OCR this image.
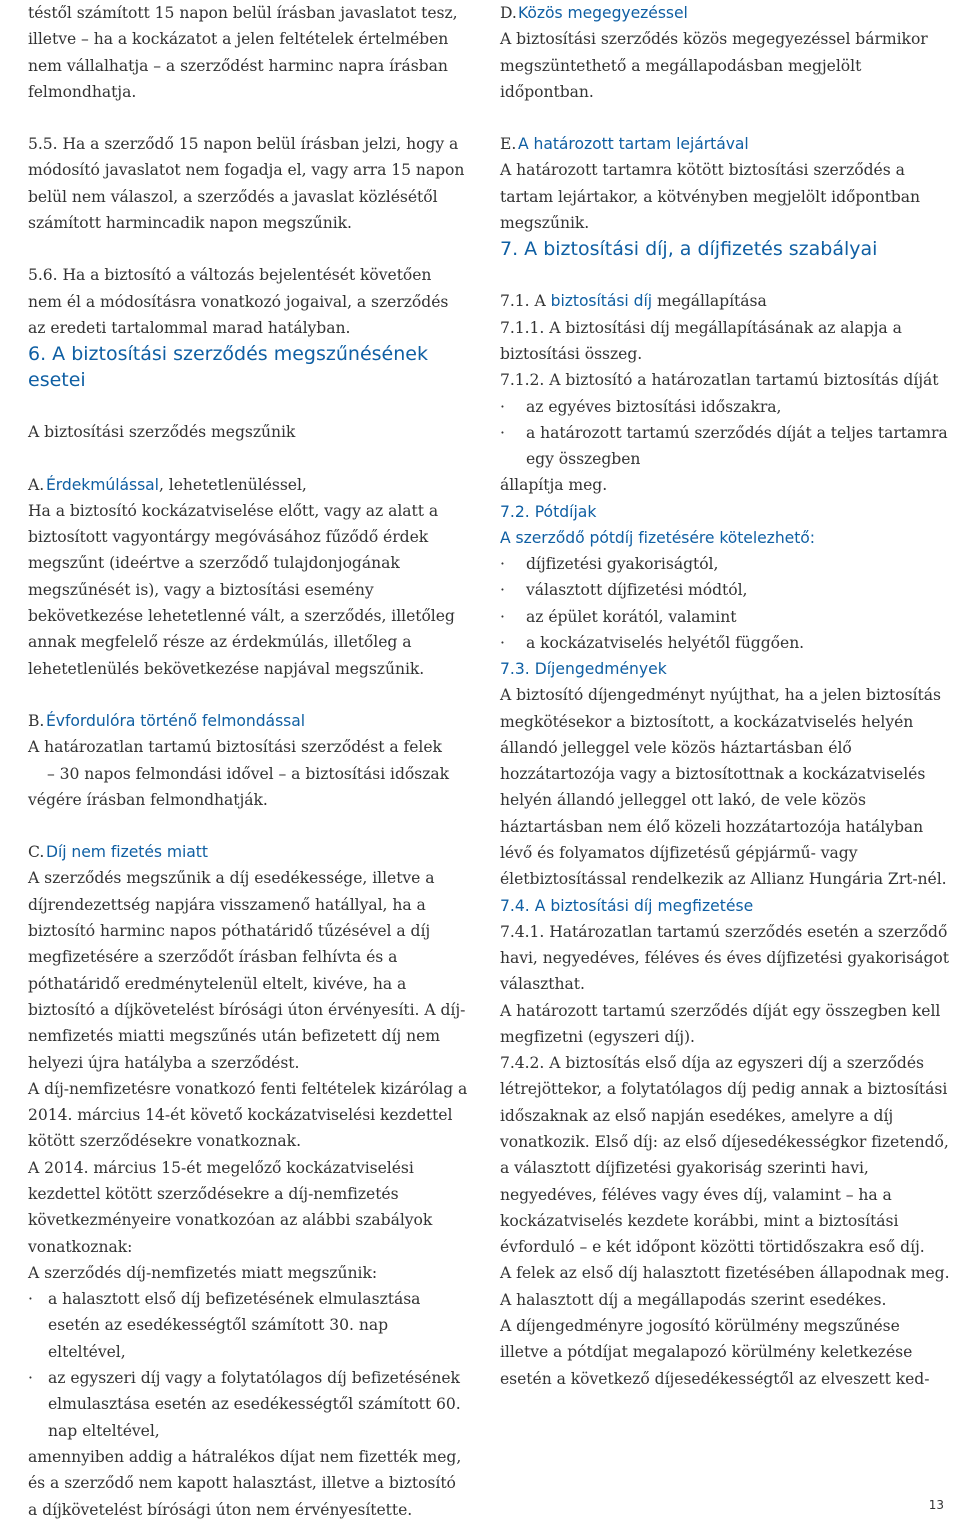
téstől számított 15 napon belül írásban javaslatot tesz, illetve – ha a kockázatot a jelen feltételek értelmében nem vállalhatja – a szerződést harminc napra írásban felmondhatja.

5.5. Ha a szerződő 15 napon belül írásban jelzi, hogy a módosító javaslatot nem fogadja el, vagy arra 15 napon belül nem válaszol, a szerződés a javaslat közlésétől számított harmincadik napon megszűnik.

5.6. Ha a biztosító a változás bejelentését követően nem él a módosításra vonatkozó jogaival, a szerződés az eredeti tartalommal marad hatályban.

6. A biztosítási szerződés megszűnésének esetei

A biztosítási szerződés megszűnik

A. Érdekmúlással, lehetetlenüléssel,

Ha a biztosító kockázatviselése előtt, vagy az alatt a biztosított vagyontárgy megóvásához fűződő érdek megszűnt (ideértve a szerződő tulajdonjogának megszűnését is), vagy a biztosítási esemény bekövetkezése lehetetlenné vált, a szerződés, illetőleg annak megfelelő része az érdekmúlás, illetőleg a lehetetlenülés bekövetkezése napjával megszűnik.

B. Évfordulóra történő felmondással

A határozatlan tartamú biztosítási szerződést a felek

– 30 napos felmondási idővel – a biztosítási időszak

végére írásban felmondhatják.

C. Díj nem fizetés miatt

A szerződés megszűnik a díj esedékessége, illetve a díjrendezettség napjára visszamenő hatállyal, ha a biztosító harminc napos póthatáridő tűzésével a díj megfizetésére a szerződőt írásban felhívta és a póthatáridő eredménytelenül eltelt, kivéve, ha a biztosító a díjkövetelést bírósági úton érvényesíti. A díj-nemfizetés miatti megszűnés után befizetett díj nem helyezi újra hatályba a szerződést.

A díj-nemfizetésre vonatkozó fenti feltételek kizárólag a 2014. március 14-ét követő kockázatviselési kezdettel kötött szerződésekre vonatkoznak.

A 2014. március 15-ét megelőző kockázatviselési kezdettel kötött szerződésekre a díj-nemfizetés következményeire vonatkozóan az alábbi szabályok vonatkoznak:

A szerződés díj-nemfizetés miatt megszűnik:

· a halasztott első díj befizetésének elmulasztása esetén az esedékességtől számított 30. nap elteltével,

· az egyszeri díj vagy a folytatólagos díj befizetésének elmulasztása esetén az esedékességtől számított 60. nap elteltével,

amennyiben addig a hátralékos díjat nem fizették meg, és a szerződő nem kapott halasztást, illetve a biztosító a díjkövetelést bírósági úton nem érvényesítette.

D.Közös megegyezéssel

A biztosítási szerződés közös megegyezéssel bármikor megszüntethető a megállapodásban megjelölt időpontban.

E. A határozott tartam lejártával

A határozott tartamra kötött biztosítási szerződés a tartam lejártakor, a kötvényben megjelölt időpontban megszűnik.

7. A biztosítási díj, a díjfizetés szabályai

7.1. A biztosítási díj megállapítása

7.1.1. A biztosítási díj megállapításának az alapja a biztosítási összeg.

7.1.2. A biztosító a határozatlan tartamú biztosítás díját

·	az egyéves biztosítási időszakra,

·	a határozott tartamú szerződés díját a teljes tartamra egy összegben

állapítja meg.

7.2. Pótdíjak

A szerződő pótdíj fizetésére kötelezhető:

·	díjfizetési gyakoriságtól,

·	választott díjfizetési módtól,

·	az épület korától, valamint

·	a kockázatviselés helyétől függően.

7.3. Díjengedmények

A biztosító díjengedményt nyújthat, ha a jelen biztosítás megkötésekor a biztosított, a kockázatviselés helyén állandó jelleggel vele közös háztartásban élő hozzátartozója vagy a biztosítottnak a kockázatviselés helyén állandó jelleggel ott lakó, de vele közös háztartásban nem élő közeli hozzátartozója hatályban lévő és folyamatos díjfizetésű gépjármű- vagy életbiztosítással rendelkezik az Allianz Hungária Zrt-nél.

7.4. A biztosítási díj megfizetése

7.4.1. Határozatlan tartamú szerződés esetén a szerződő havi, negyedéves, féléves és éves díjfizetési gyakoriságot választhat.

A határozott tartamú szerződés díját egy összegben kell megfizetni (egyszeri díj).

7.4.2. A biztosítás első díja az egyszeri díj a szerződés létrejöttekor, a folytatólagos díj pedig annak a biztosítási időszaknak az első napján esedékes, amelyre a díj vonatkozik. Első díj: az első díjesedékességkor fizetendő, a választott díjfizetési gyakoriság szerinti havi, negyedéves, féléves vagy éves díj, valamint – ha a kockázatviselés kezdete korábbi, mint a biztosítási évforduló – e két időpont közötti törtidőszakra eső díj.

A felek az első díj halasztott fizetésében állapodnak meg.

A halasztott díj a megállapodás szerint esedékes.

A díjengedményre jogosító körülmény megszűnése illetve a pótdíjat megalapozó körülmény keletkezése esetén a következő díjesedékességtől az elveszett ked-

13
